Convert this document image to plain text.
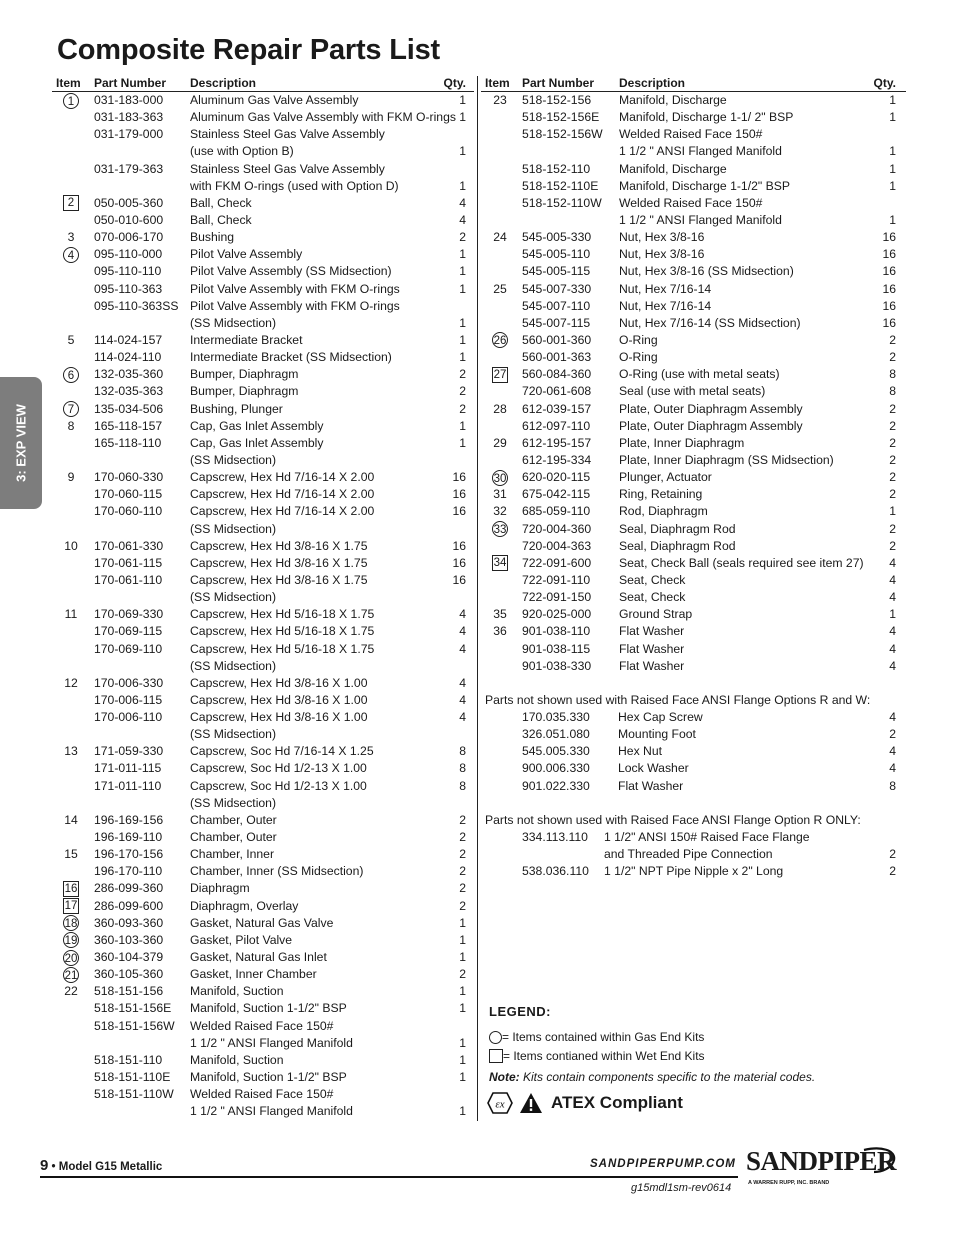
Composite Repair Parts List
3: EXP VIEW
Item Part Number Description	Qty.
1	031-183-000 Aluminum Gas Valve Assembly	1
031-183-363 Aluminum Gas Valve Assembly with FKM O-rings 1
031-179-000 Stainless Steel Gas Valve Assembly
(use with Option B)	1
031-179-363 Stainless Steel Gas Valve Assembly
with FKM O-rings (used with Option D)	1
2	050-005-360 Ball, Check	4
050-010-600 Ball, Check	4
3	070-006-170 Bushing	2
4	095-110-000 Pilot Valve Assembly	1
095-110-110 Pilot Valve Assembly (SS Midsection)	1
095-110-363 Pilot Valve Assembly with FKM O-rings	1
095-110-363SS Pilot Valve Assembly with FKM O-rings
(SS Midsection)	1
5	114-024-157 Intermediate Bracket	1
114-024-110 Intermediate Bracket (SS Midsection)	1
6	132-035-360 Bumper, Diaphragm	2
132-035-363 Bumper, Diaphragm	2
7	135-034-506 Bushing, Plunger	2
8	165-118-157 Cap, Gas Inlet Assembly	1
165-118-110 Cap, Gas Inlet Assembly	1
(SS Midsection)
9	170-060-330 Capscrew, Hex Hd 7/16-14 X 2.00	16
170-060-115 Capscrew, Hex Hd 7/16-14 X 2.00	16
170-060-110 Capscrew, Hex Hd 7/16-14 X 2.00	16
(SS Midsection)
10 170-061-330 Capscrew, Hex Hd 3/8-16 X 1.75	16
170-061-115 Capscrew, Hex Hd 3/8-16 X 1.75	16
170-061-110 Capscrew, Hex Hd 3/8-16 X 1.75	16
(SS Midsection)
11 170-069-330 Capscrew, Hex Hd 5/16-18 X 1.75	4
170-069-115 Capscrew, Hex Hd 5/16-18 X 1.75	4
170-069-110 Capscrew, Hex Hd 5/16-18 X 1.75	4
(SS Midsection)
12 170-006-330 Capscrew, Hex Hd 3/8-16 X 1.00	4
170-006-115 Capscrew, Hex Hd 3/8-16 X 1.00	4
170-006-110 Capscrew, Hex Hd 3/8-16 X 1.00	4
(SS Midsection)
13 171-059-330 Capscrew, Soc Hd 7/16-14 X 1.25	8
171-011-115 Capscrew, Soc Hd 1/2-13 X 1.00	8
171-011-110 Capscrew, Soc Hd 1/2-13 X 1.00	8
(SS Midsection)
14 196-169-156 Chamber, Outer	2
196-169-110 Chamber, Outer	2
15 196-170-156 Chamber, Inner	2
196-170-110 Chamber, Inner (SS Midsection)	2
16 286-099-360 Diaphragm	2
17 286-099-600 Diaphragm, Overlay	2
18 360-093-360 Gasket, Natural Gas Valve	1
19 360-103-360 Gasket, Pilot Valve	1
20 360-104-379 Gasket, Natural Gas Inlet	1
21 360-105-360 Gasket, Inner Chamber	2
22 518-151-156 Manifold, Suction	1
518-151-156E Manifold, Suction 1-1/2" BSP	1
518-151-156W Welded Raised Face 150#
1 1/2 " ANSI Flanged Manifold	1
518-151-110 Manifold, Suction	1
518-151-110E Manifold, Suction 1-1/2" BSP	1
518-151-110W Welded Raised Face 150#
1 1/2 " ANSI Flanged Manifold	1
Item Part Number Description	Qty.
23 518-152-156 Manifold, Discharge	1
518-152-156E Manifold, Discharge 1-1/ 2" BSP	1
518-152-156W Welded Raised Face 150#
1 1/2 " ANSI Flanged Manifold	1
518-152-110 Manifold, Discharge	1
518-152-110E Manifold, Discharge 1-1/2" BSP	1
518-152-110W Welded Raised Face 150#
1 1/2 " ANSI Flanged Manifold	1
24 545-005-330 Nut, Hex 3/8-16	16
545-005-110 Nut, Hex 3/8-16	16
545-005-115 Nut, Hex 3/8-16 (SS Midsection)	16
25 545-007-330 Nut, Hex 7/16-14	16
545-007-110 Nut, Hex 7/16-14	16
545-007-115 Nut, Hex 7/16-14 (SS Midsection)	16
26 560-001-360 O-Ring	2
560-001-363 O-Ring	2
27 560-084-360 O-Ring (use with metal seats)	8
720-061-608 Seal (use with metal seats)	8
28 612-039-157 Plate, Outer Diaphragm Assembly	2
612-097-110 Plate, Outer Diaphragm Assembly	2
29 612-195-157 Plate, Inner Diaphragm	2
612-195-334 Plate, Inner Diaphragm (SS Midsection)	2
30 620-020-115 Plunger, Actuator	2
31 675-042-115 Ring, Retaining	2
32 685-059-110 Rod, Diaphragm	1
33 720-004-360 Seal, Diaphragm Rod	2
720-004-363 Seal, Diaphragm Rod	2
34 722-091-600 Seat, Check Ball (seals required see item 27) 4
722-091-110 Seat, Check	4
722-091-150 Seat, Check	4
35 920-025-000 Ground Strap	1
36 901-038-110 Flat Washer	4
901-038-115 Flat Washer	4
901-038-330 Flat Washer	4
Parts not shown used with Raised Face ANSI Flange Options R and W:
170.035.330 Hex Cap Screw	4
326.051.080 Mounting Foot	2
545.005.330 Hex Nut	4
900.006.330 Lock Washer	4
901.022.330 Flat Washer	8
Parts not shown used with Raised Face ANSI Flange Option R ONLY:
334.113.110 1 1/2" ANSI 150# Raised Face Flange
and Threaded Pipe Connection	2
538.036.110 1 1/2" NPT Pipe Nipple x 2" Long	2
LEGEND:
= Items contained within Gas End Kits
= Items contianed within Wet End Kits
Note: Kits contain components specific to the material codes.
εx	ATEX Compliant
9 • Model G15 Metallic	SANDPIPERPUMP.COM
g15mdl1sm-rev0614
SANDPIPER
A WARREN RUPP, INC. BRAND
